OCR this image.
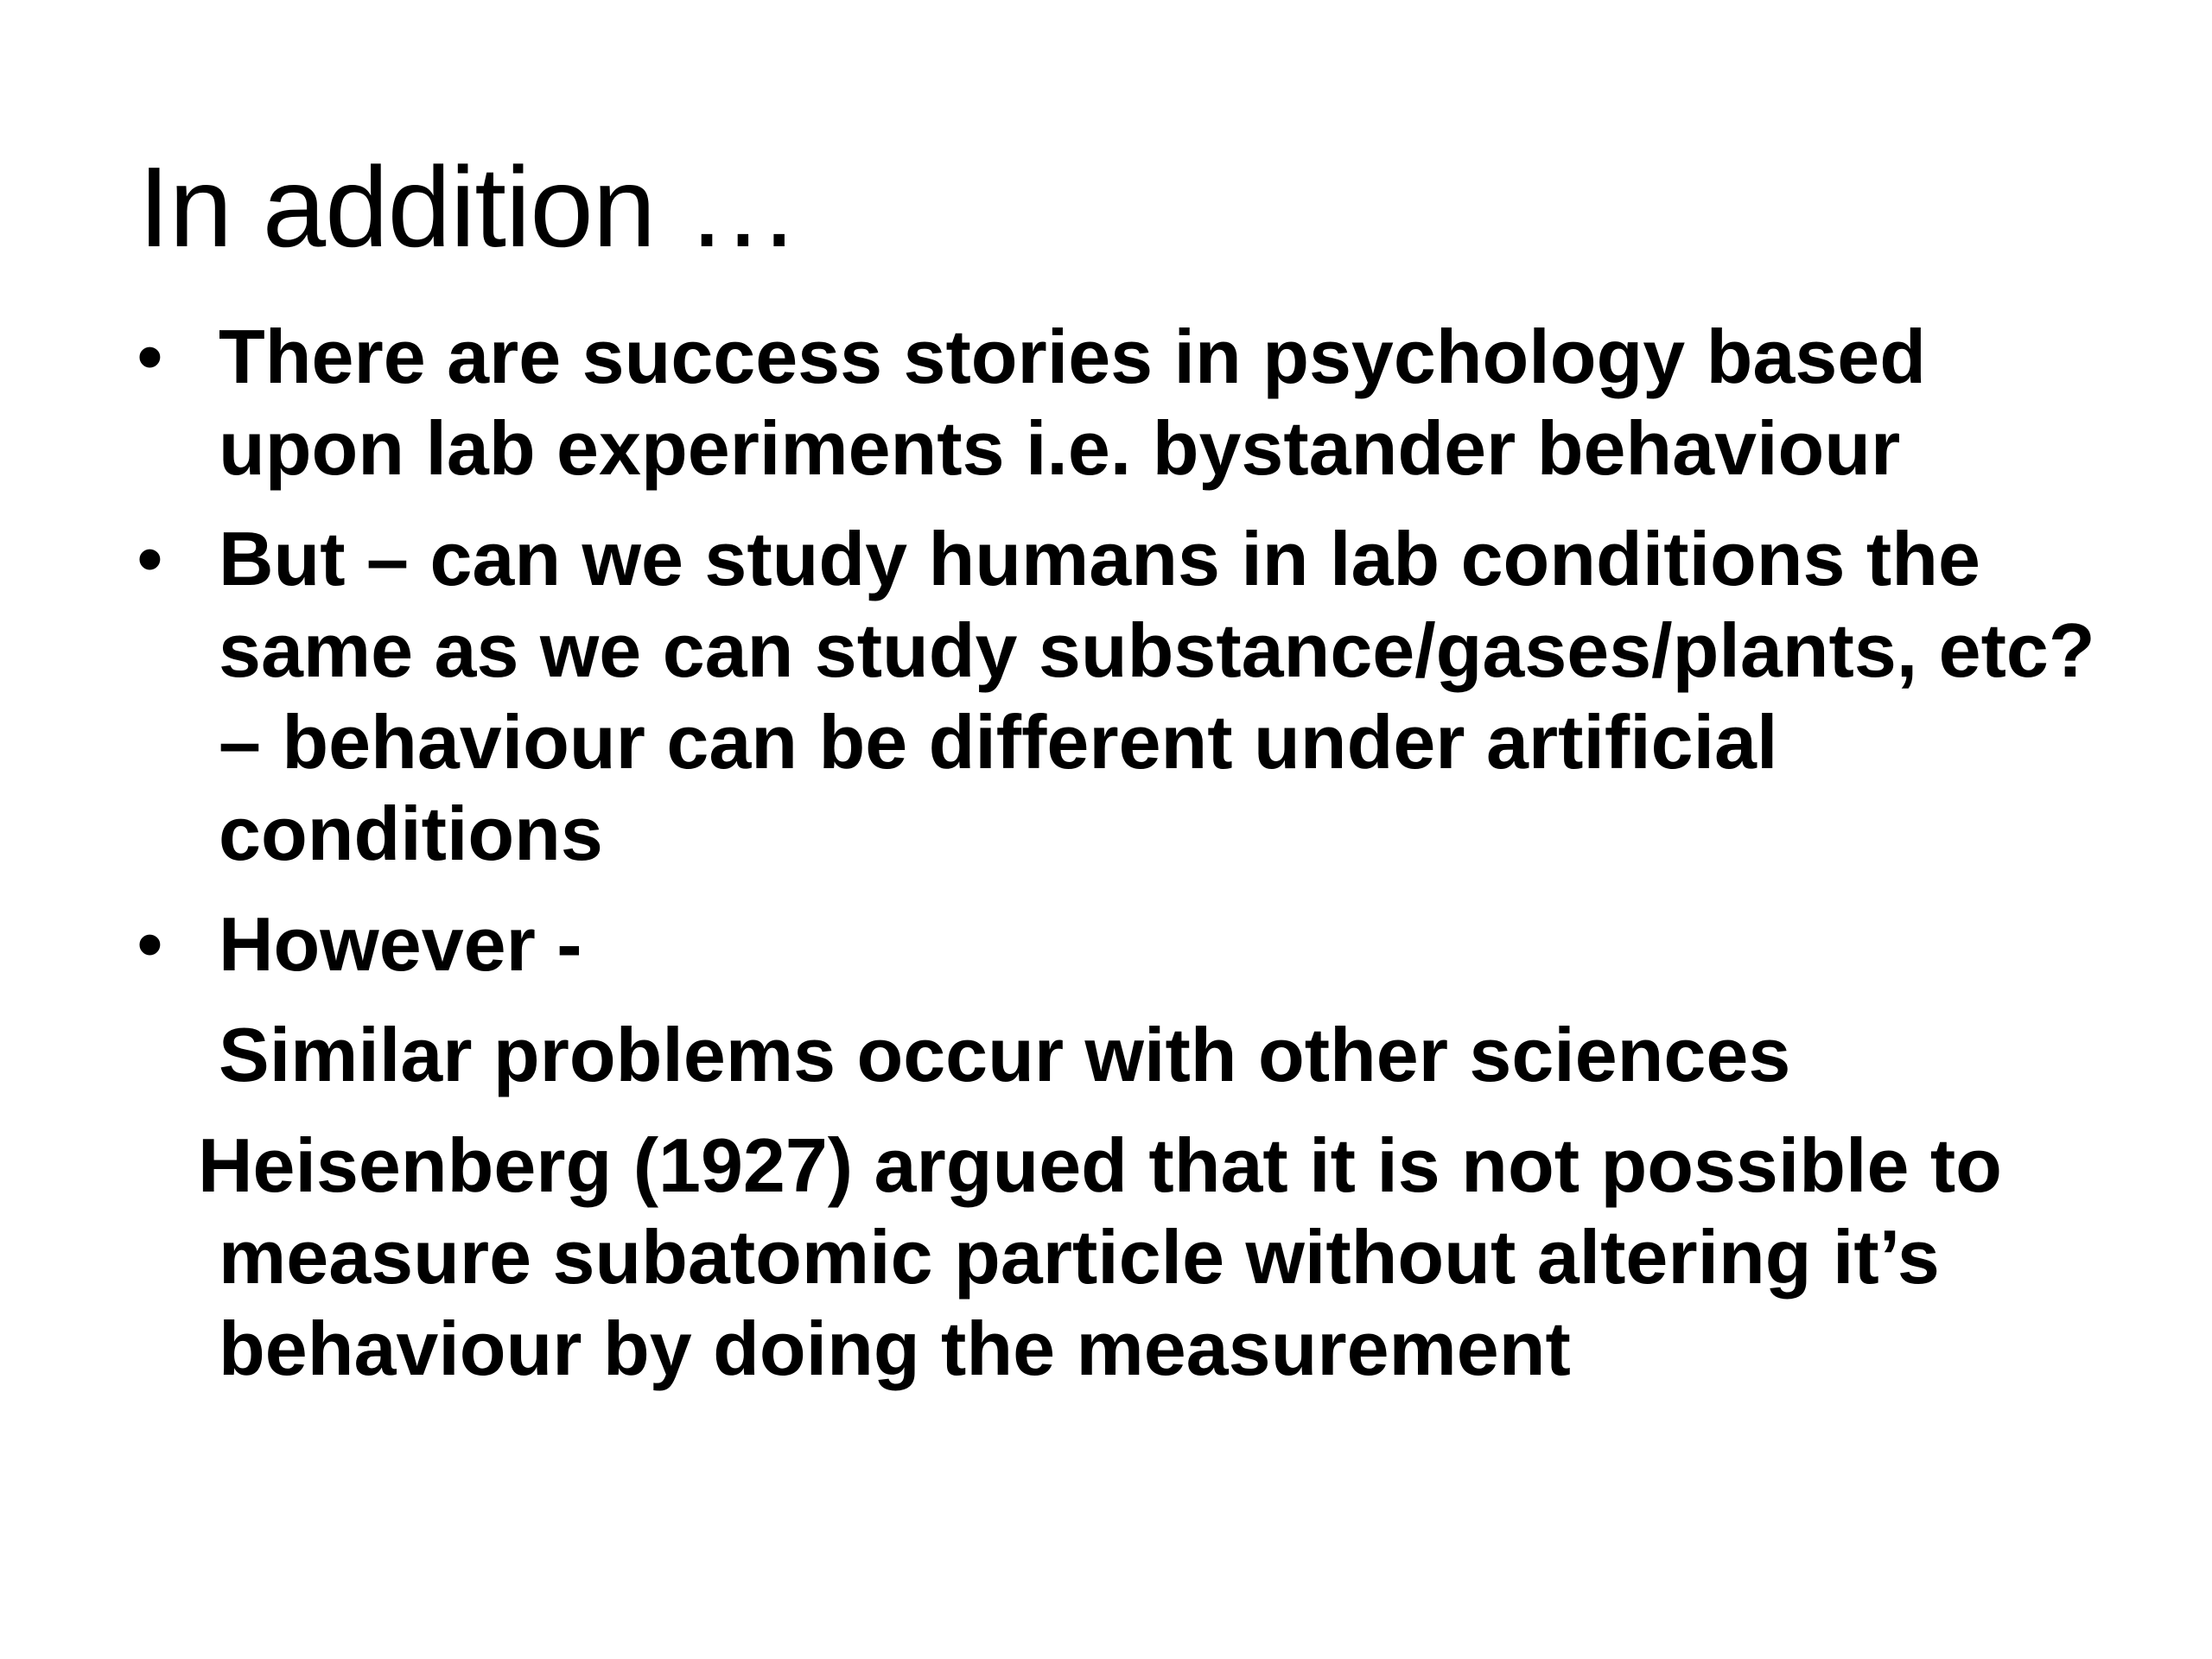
In addition …

• There are success stories in psychology based upon lab experiments i.e. bystander behaviour

• But – can we study humans in lab conditions the same as we can study substance/gases/plants, etc? – behaviour can be different under artificial conditions

• However -

Similar problems occur with other sciences

Heisenberg (1927) argued that it is not possible to measure subatomic particle without altering it’s behaviour by doing the measurement
